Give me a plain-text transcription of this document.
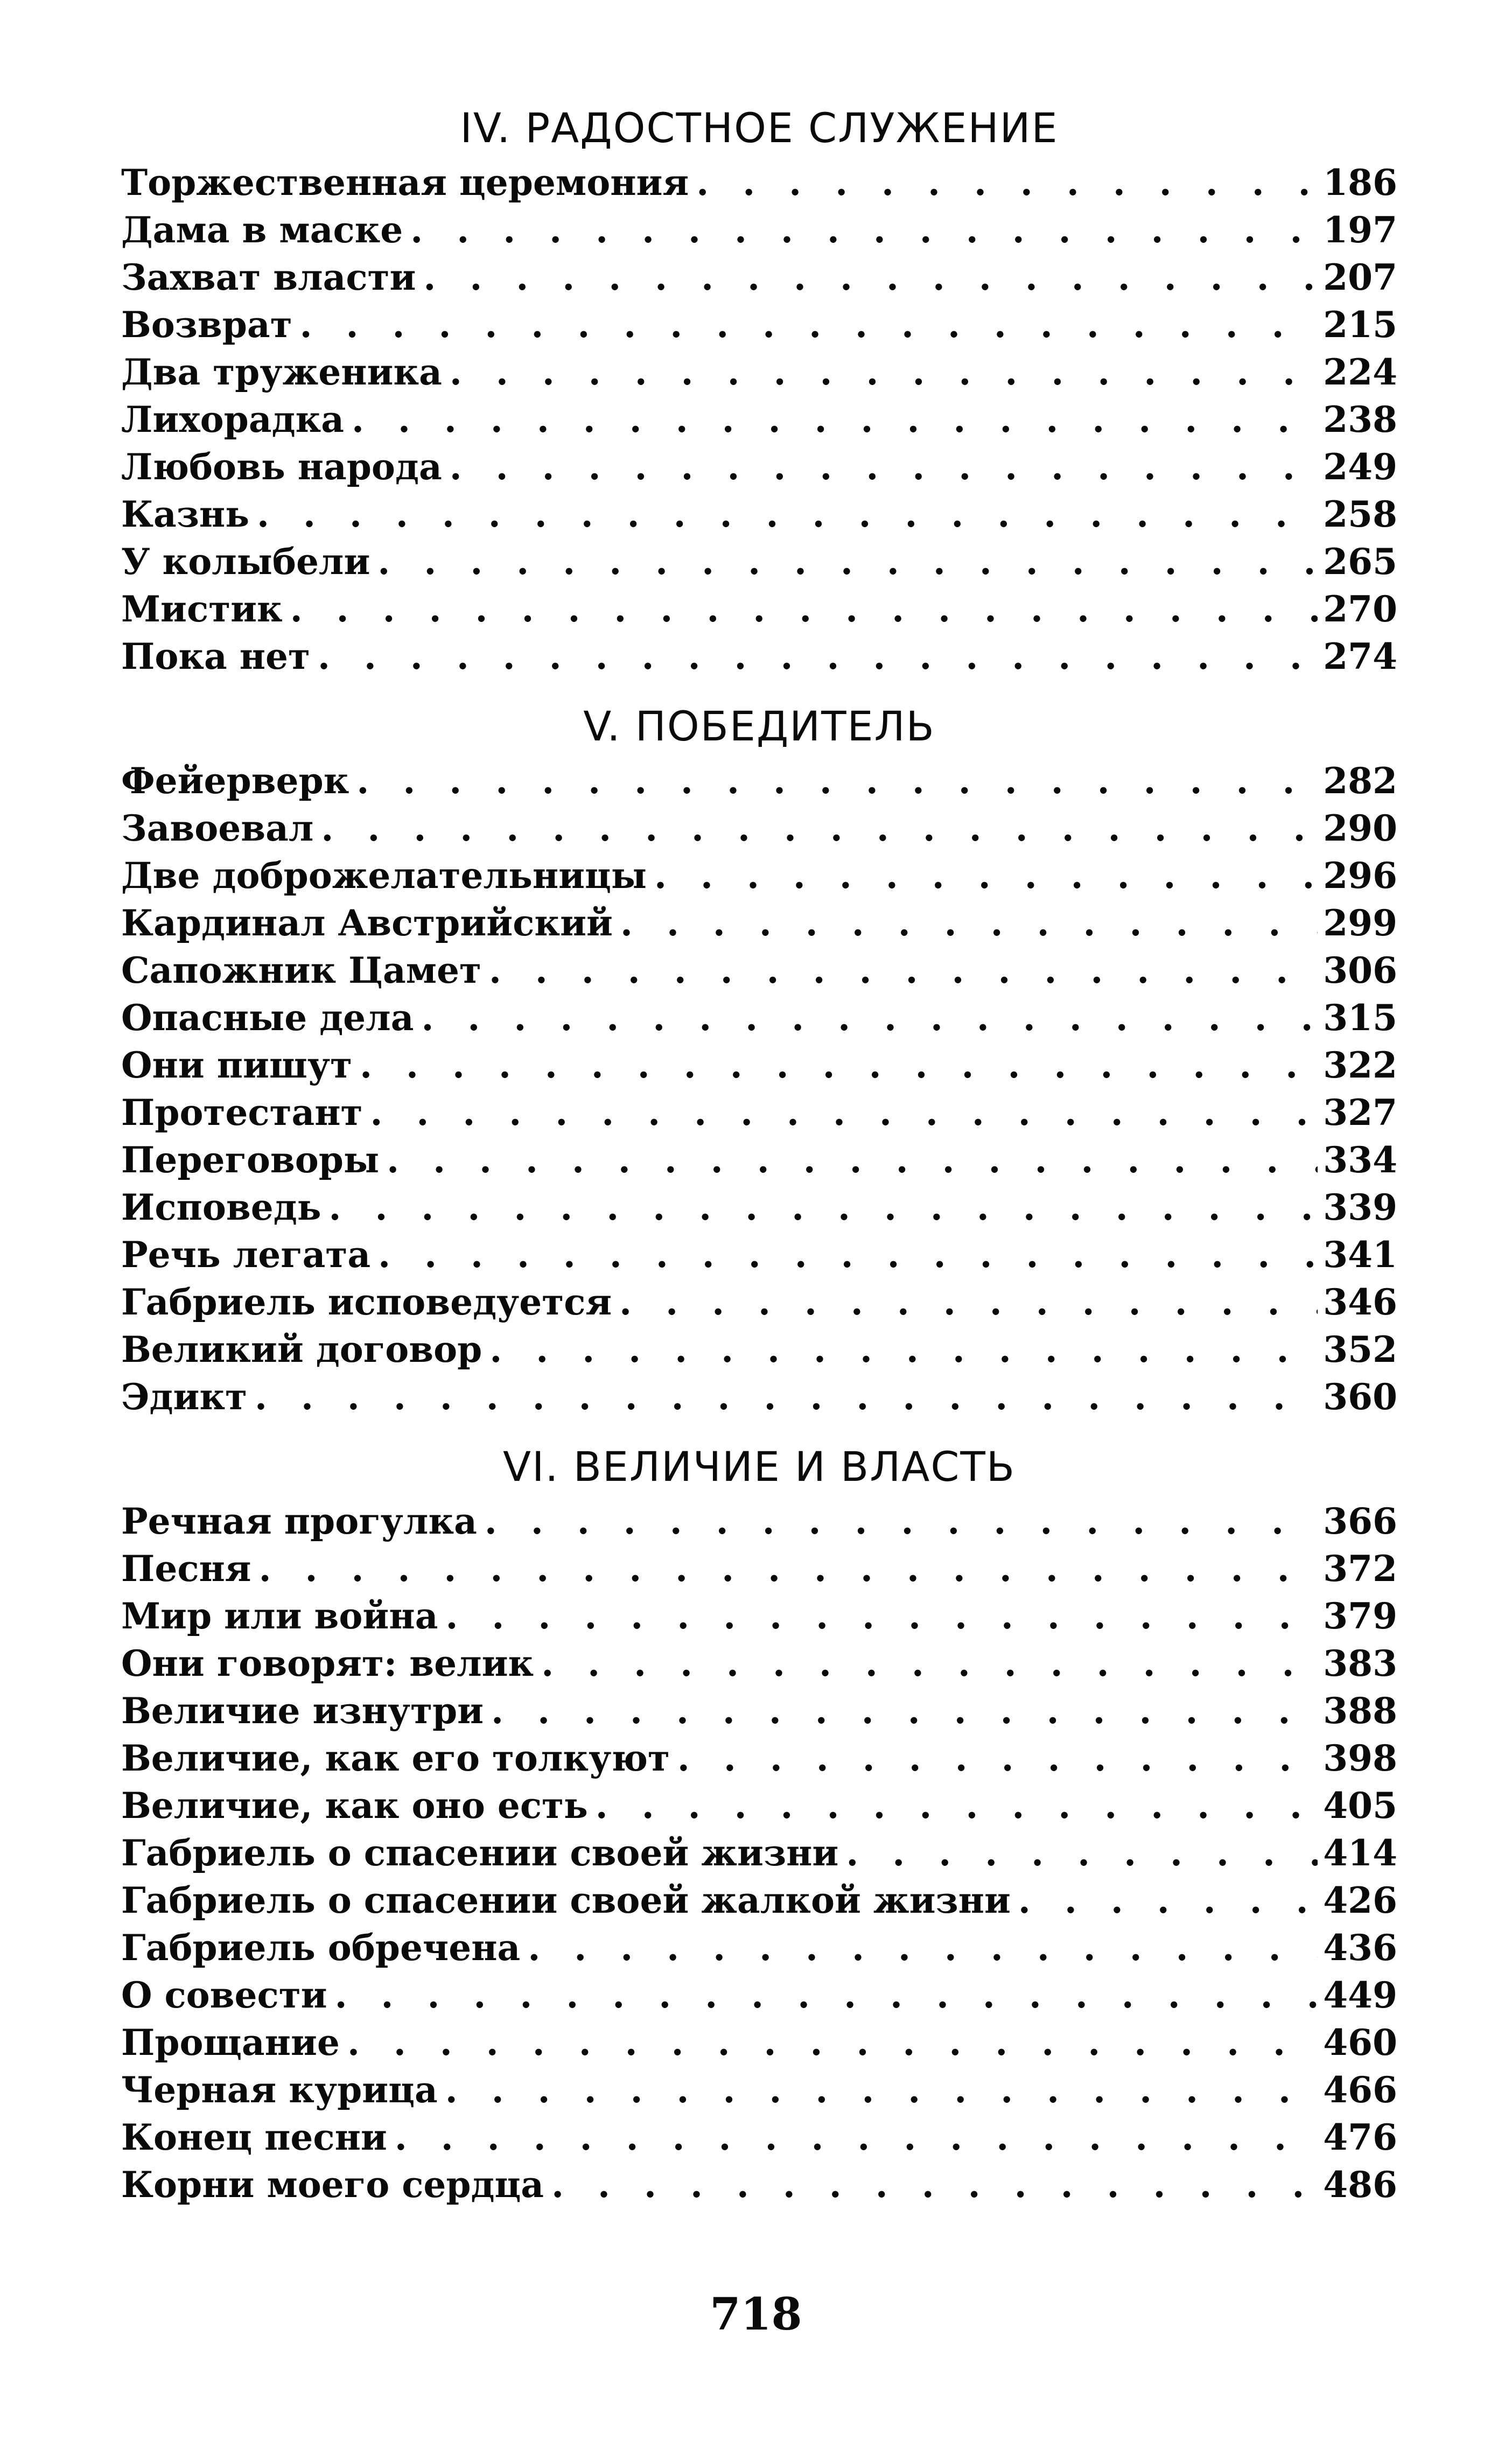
IV. РАДОСТНОЕ СЛУЖЕНИЕ
Торжественная церемония . . .	186
Дама в маске . . .	197
Захват власти . . .	207
Возврат . . .	215
Два труженика . . .	224
Лихорадка . . .	238
Любовь народа . . .	249
Казнь . . .	258
У колыбели . . .	265
Мистик . . .	270
Пока нет . . .	274
V. ПОБЕДИТЕЛЬ
Фейерверк . . .	282
Завоевал . . .	290
Две доброжелательницы . . .	296
Кардинал Австрийский . . .	299
Сапожник Цамет . . .	306
Опасные дела . . .	315
Они пишут . . .	322
Протестант . . .	327
Переговоры . . .	334
Исповедь . . .	339
Речь легата . . .	341
Габриель исповедуется . . .	346
Великий договор . . .	352
Эдикт . . .	360
VI. ВЕЛИЧИЕ И ВЛАСТЬ
Речная прогулка . . .	366
Песня . . .	372
Мир или война . . .	379
Они говорят: велик . . .	383
Величие изнутри . . .	388
Величие, как его толкуют . . .	398
Величие, как оно есть . . .	405
Габриель о спасении своей жизни . . .	414
Габриель о спасении своей жалкой жизни . . .	426
Габриель обречена . . .	436
О совести . . .	449
Прощание . . .	460
Черная курица . . .	466
Конец песни . . .	476
Корни моего сердца . . .	486
718
